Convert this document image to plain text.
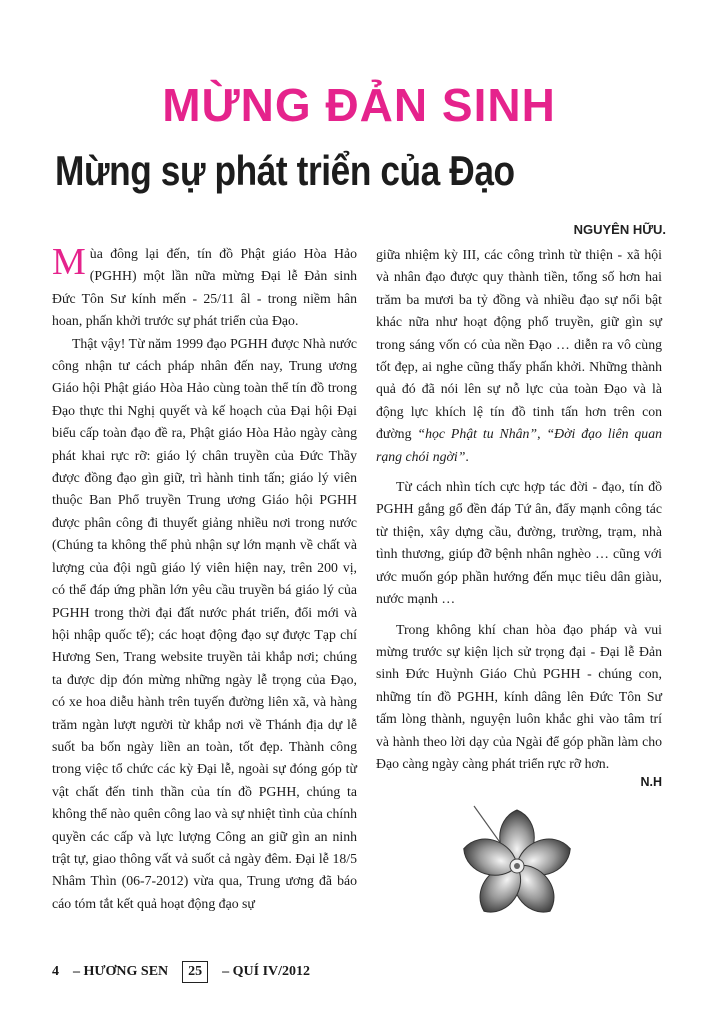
MỪNG ĐẢN SINH
Mừng sự phát triển của Đạo
NGUYÊN HỮU.

Mùa đông lại đến, tín đồ Phật giáo Hòa Hảo (PGHH) một lần nữa mừng Đại lễ Đản sinh Đức Tôn Sư kính mến - 25/11 âl - trong niềm hân hoan, phấn khởi trước sự phát triển của Đạo.

Thật vậy! Từ năm 1999 đạo PGHH được Nhà nước công nhận tư cách pháp nhân đến nay, Trung ương Giáo hội Phật giáo Hòa Hảo cùng toàn thể tín đồ trong Đạo thực thi Nghị quyết và kế hoạch của Đại hội Đại biểu cấp toàn đạo đề ra, Phật giáo Hòa Hảo ngày càng phát khai rực rỡ: giáo lý chân truyền của Đức Thầy được đồng đạo gìn giữ, trì hành tinh tấn; giáo lý viên thuộc Ban Phổ truyền Trung ương Giáo hội PGHH được phân công đi thuyết giảng nhiều nơi trong nước (Chúng ta không thể phủ nhận sự lớn mạnh về chất và lượng của đội ngũ giáo lý viên hiện nay, trên 200 vị, có thể đáp ứng phần lớn yêu cầu truyền bá giáo lý của PGHH trong thời đại đất nước phát triển, đổi mới và hội nhập quốc tế); các hoạt động đạo sự được Tạp chí Hương Sen, Trang website truyền tải khắp nơi; chúng ta được dịp đón mừng những ngày lễ trọng của Đạo, có xe hoa diễu hành trên tuyến đường liên xã, và hàng trăm ngàn lượt người từ khắp nơi về Thánh địa dự lễ suốt ba bốn ngày liền an toàn, tốt đẹp. Thành công trong việc tổ chức các kỳ Đại lễ, ngoài sự đóng góp từ vật chất đến tinh thần của tín đồ PGHH, chúng ta không thể nào quên công lao và sự nhiệt tình của chính quyền các cấp và lực lượng Công an giữ gìn an ninh trật tự, giao thông vất vả suốt cả ngày đêm. Đại lễ 18/5 Nhâm Thìn (06-7-2012) vừa qua, Trung ương đã báo cáo tóm tắt kết quả hoạt động đạo sự

giữa nhiệm kỳ III, các công trình từ thiện - xã hội và nhân đạo được quy thành tiền, tổng số hơn hai trăm ba mươi ba tỷ đồng và nhiều đạo sự nổi bật khác nữa như hoạt động phổ truyền, giữ gìn sự trong sáng vốn có của nền Đạo … diễn ra vô cùng tốt đẹp, ai nghe cũng thấy phấn khởi. Những thành quả đó đã nói lên sự nỗ lực của toàn Đạo và là động lực khích lệ tín đồ tinh tấn hơn trên con đường “học Phật tu Nhân”, “Đời đạo liên quan rạng chói ngời”.

Từ cách nhìn tích cực hợp tác đời - đạo, tín đồ PGHH gắng gổ đền đáp Tứ ân, đẩy mạnh công tác từ thiện, xây dựng cầu, đường, trường, trạm, nhà tình thương, giúp đỡ bệnh nhân nghèo … cũng với ước muốn góp phần hướng đến mục tiêu dân giàu, nước mạnh …

Trong không khí chan hòa đạo pháp và vui mừng trước sự kiện lịch sử trọng đại - Đại lễ Đản sinh Đức Huỳnh Giáo Chủ PGHH - chúng con, những tín đồ PGHH, kính dâng lên Đức Tôn Sư tấm lòng thành, nguyện luôn khắc ghi vào tâm trí và hành theo lời dạy của Ngài để góp phần làm cho Đạo càng ngày càng phát triển rực rỡ hơn.

N.H
4 – HƯƠNG SEN	25	– QUÍ IV/2012
